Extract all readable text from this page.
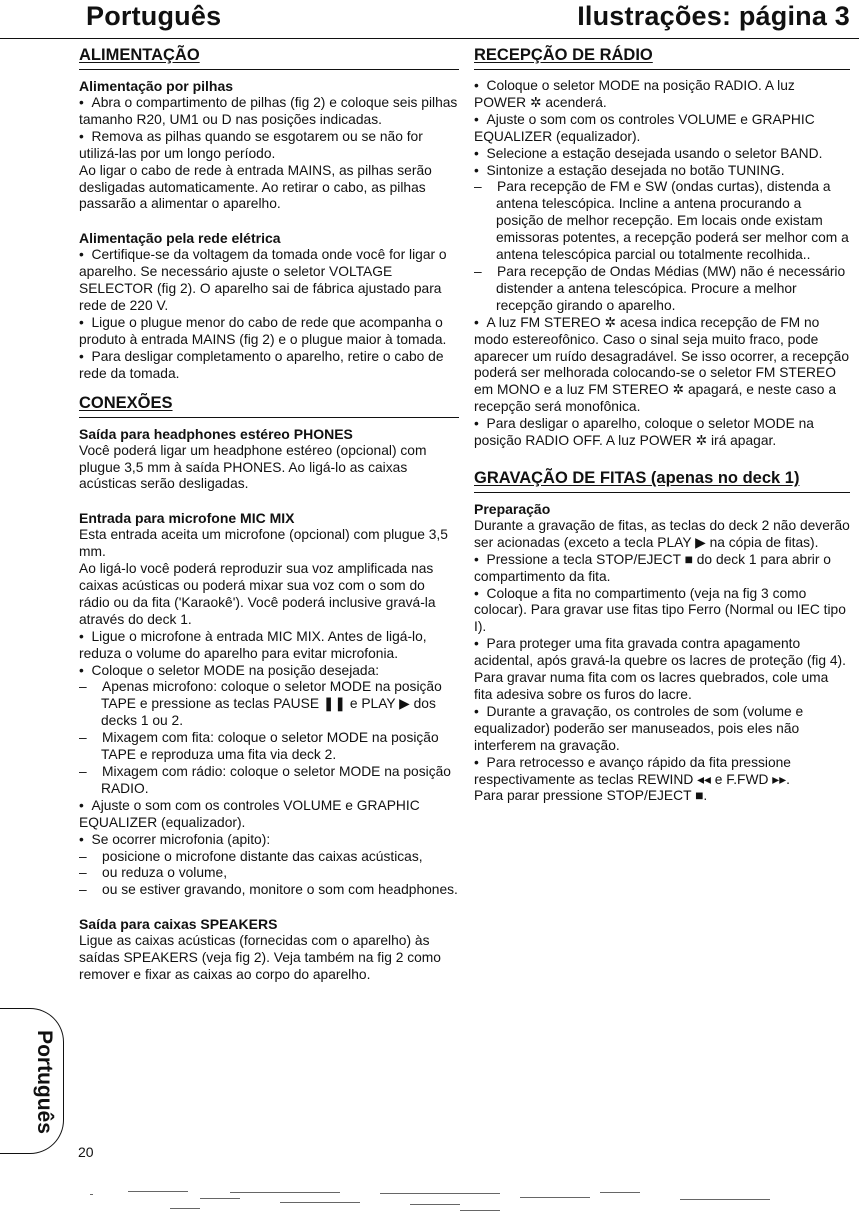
Português	Ilustrações: página 3
ALIMENTAÇÃO
Alimentação por pilhas

•  Abra o compartimento de pilhas (fig 2) e coloque seis pilhas tamanho R20, UM1 ou D nas posições indicadas.

•  Remova as pilhas quando se esgotarem ou se não for utilizá-las por um longo período.

Ao ligar o cabo de rede à entrada MAINS, as pilhas serão desligadas automaticamente. Ao retirar o cabo, as pilhas passarão a alimentar o aparelho.

Alimentação pela rede elétrica

•  Certifique-se da voltagem da tomada onde você for ligar o aparelho. Se necessário ajuste o seletor VOLTAGE SELECTOR (fig 2). O aparelho sai de fábrica ajustado para rede de 220 V.

•  Ligue o plugue menor do cabo de rede que acompanha o produto à entrada MAINS (fig 2) e o plugue maior à tomada.

•  Para desligar completamento o aparelho, retire o cabo de rede da tomada.

CONEXÕES
Saída para headphones estéreo PHONES

Você poderá ligar um headphone estéreo (opcional) com plugue 3,5 mm à saída PHONES. Ao ligá-lo as caixas acústicas serão desligadas.

Entrada para microfone MIC MIX

Esta entrada aceita um microfone (opcional) com plugue 3,5 mm.

Ao ligá-lo você poderá reproduzir sua voz amplificada nas caixas acústicas ou poderá mixar sua voz com o som do rádio ou da fita ('Karaokê'). Você poderá inclusive gravá-la através do deck 1.

•  Ligue o microfone à entrada MIC MIX. Antes de ligá-lo, reduza o volume do aparelho para evitar microfonia.

•  Coloque o seletor MODE na posição desejada:

–    Apenas microfono: coloque o seletor MODE na posição TAPE e pressione as teclas PAUSE ❚❚ e PLAY ▶ dos decks 1 ou 2.

–    Mixagem com fita: coloque o seletor MODE na posição TAPE e reproduza uma fita via deck 2.

–    Mixagem com rádio: coloque o seletor MODE na posição RADIO.

•  Ajuste o som com os controles VOLUME e GRAPHIC EQUALIZER (equalizador).

•  Se ocorrer microfonia (apito):

–    posicione o microfone distante das caixas acústicas,

–    ou reduza o volume,

–    ou se estiver gravando, monitore o som com headphones.

Saída para caixas SPEAKERS

Ligue as caixas acústicas (fornecidas com o aparelho) às saídas SPEAKERS (veja fig 2). Veja também na fig 2 como remover e fixar as caixas ao corpo do aparelho.

RECEPÇÃO DE RÁDIO

•  Coloque o seletor MODE na posição RADIO. A luz POWER ✲ acenderá.

•  Ajuste o som com os controles VOLUME e GRAPHIC EQUALIZER (equalizador).

•  Selecione a estação desejada usando o seletor BAND.

•  Sintonize a estação desejada no botão TUNING.

–    Para recepção de FM e SW (ondas curtas), distenda a antena telescópica. Incline a antena procurando a posição de melhor recepção. Em locais onde existam emissoras potentes, a recepção poderá ser melhor com a antena telescópica parcial ou totalmente recolhida..

–    Para recepção de Ondas Médias (MW) não é necessário distender a antena telescópica. Procure a melhor recepção girando o aparelho.

•  A luz FM STEREO ✲ acesa indica recepção de FM no modo estereofônico. Caso o sinal seja muito fraco, pode aparecer um ruído desagradável. Se isso ocorrer, a recepção poderá ser melhorada colocando-se o seletor FM STEREO em MONO e a luz FM STEREO ✲ apagará, e neste caso a recepção será monofônica.

•  Para desligar o aparelho, coloque o seletor MODE na posição RADIO OFF. A luz POWER ✲ irá apagar.

GRAVAÇÃO DE FITAS (apenas no deck 1)
Preparação

Durante a gravação de fitas, as teclas do deck 2 não deverão ser acionadas (exceto a tecla PLAY ▶ na cópia de fitas).

•  Pressione a tecla STOP/EJECT ■ do deck 1 para abrir o compartimento da fita.

•  Coloque a fita no compartimento (veja na fig 3 como colocar). Para gravar use fitas tipo Ferro (Normal ou IEC tipo I).

•  Para proteger uma fita gravada contra apagamento acidental, após gravá-la quebre os lacres de proteção (fig 4). Para gravar numa fita com os lacres quebrados, cole uma fita adesiva sobre os furos do lacre.

•  Durante a gravação, os controles de som (volume e equalizador) poderão ser manuseados, pois eles não interferem na gravação.

•  Para retrocesso e avanço rápido da fita pressione respectivamente as teclas REWIND ◂◂ e F.FWD ▸▸.

Para parar pressione STOP/EJECT ■.

Português
20
